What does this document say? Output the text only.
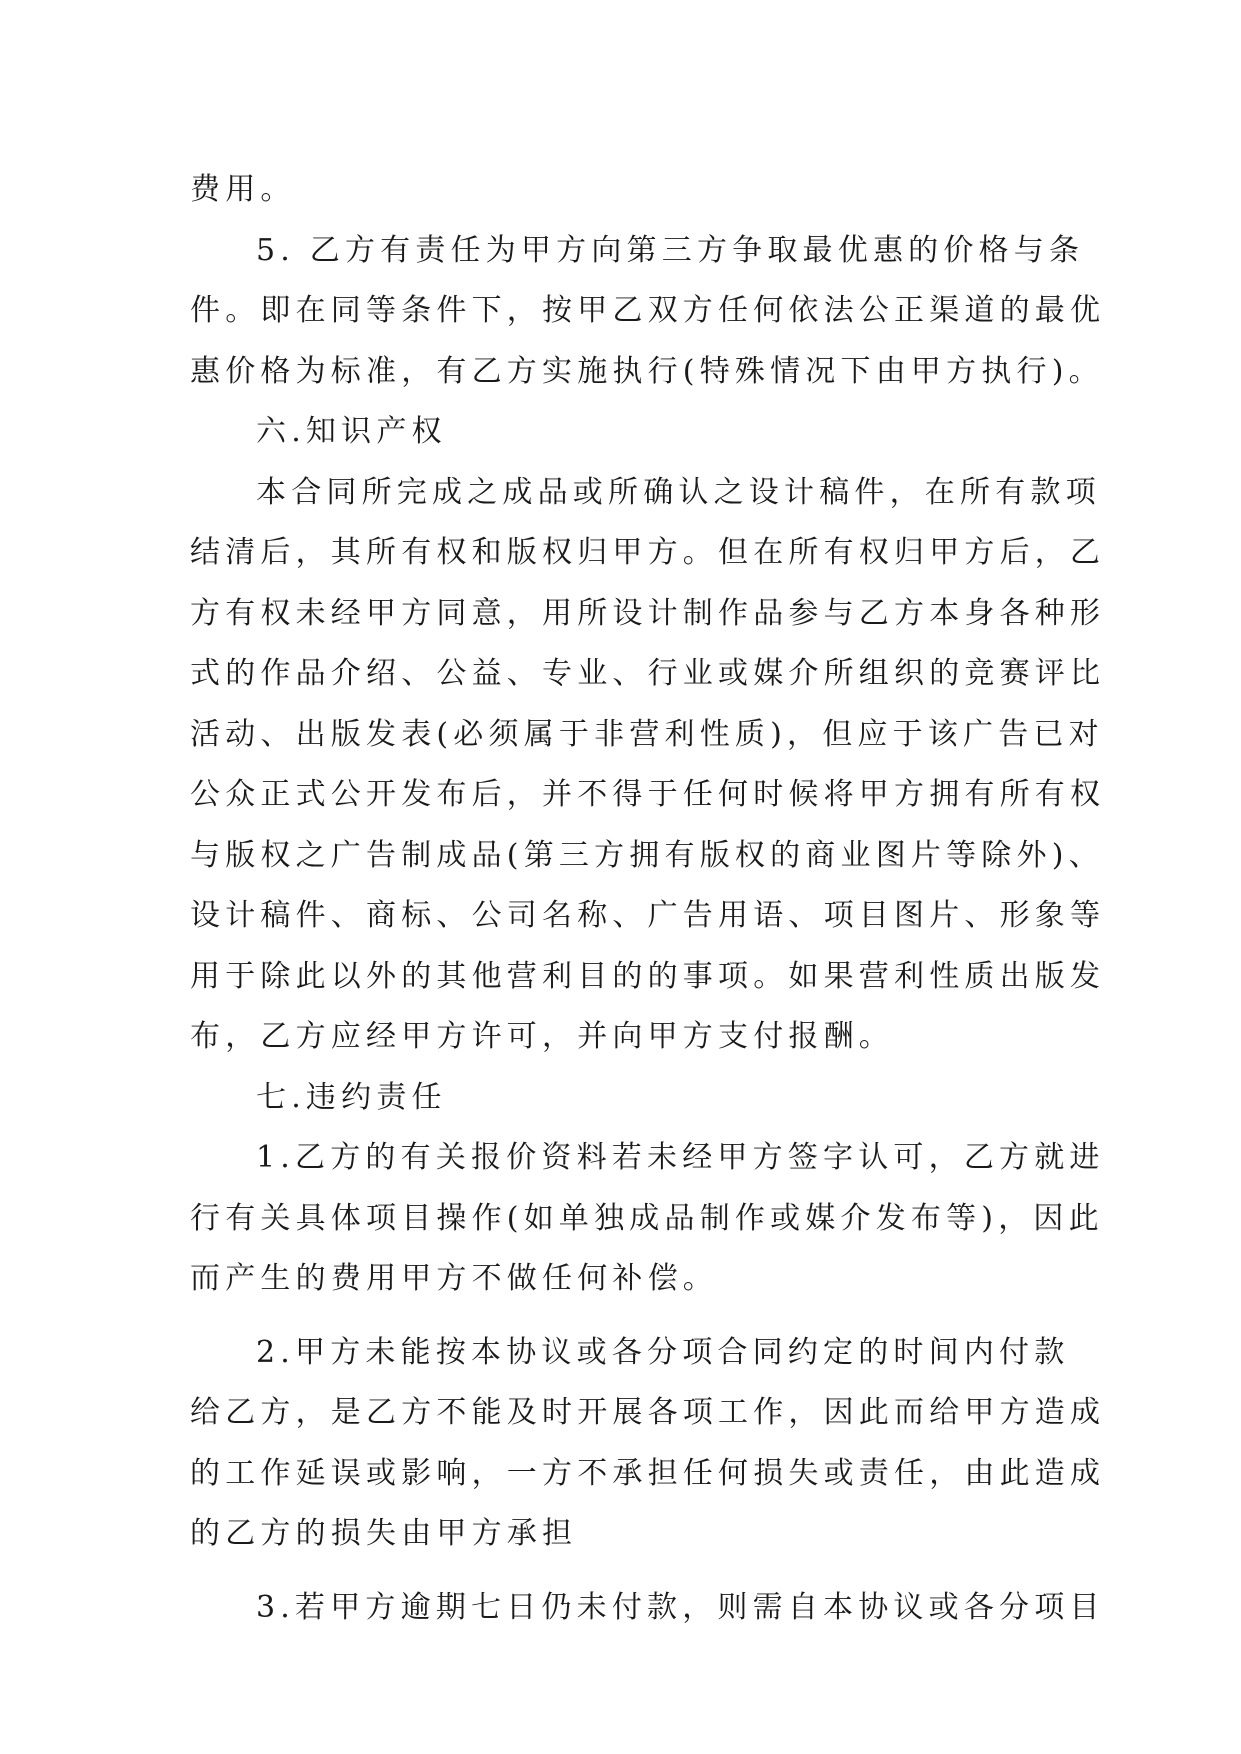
费用。
5. 乙方有责任为甲方向第三方争取最优惠的价格与条
件。即在同等条件下，按甲乙双方任何依法公正渠道的最优
惠价格为标准，有乙方实施执行(特殊情况下由甲方执行)。
六.知识产权
本合同所完成之成品或所确认之设计稿件，在所有款项
结清后，其所有权和版权归甲方。但在所有权归甲方后，乙
方有权未经甲方同意，用所设计制作品参与乙方本身各种形
式的作品介绍、公益、专业、行业或媒介所组织的竞赛评比
活动、出版发表(必须属于非营利性质)，但应于该广告已对
公众正式公开发布后，并不得于任何时候将甲方拥有所有权
与版权之广告制成品(第三方拥有版权的商业图片等除外)、
设计稿件、商标、公司名称、广告用语、项目图片、形象等
用于除此以外的其他营利目的的事项。如果营利性质出版发
布，乙方应经甲方许可，并向甲方支付报酬。
七.违约责任
1.乙方的有关报价资料若未经甲方签字认可，乙方就进
行有关具体项目操作(如单独成品制作或媒介发布等)，因此
而产生的费用甲方不做任何补偿。
2.甲方未能按本协议或各分项合同约定的时间内付款
给乙方，是乙方不能及时开展各项工作，因此而给甲方造成
的工作延误或影响，一方不承担任何损失或责任，由此造成
的乙方的损失由甲方承担
3.若甲方逾期七日仍未付款，则需自本协议或各分项目
